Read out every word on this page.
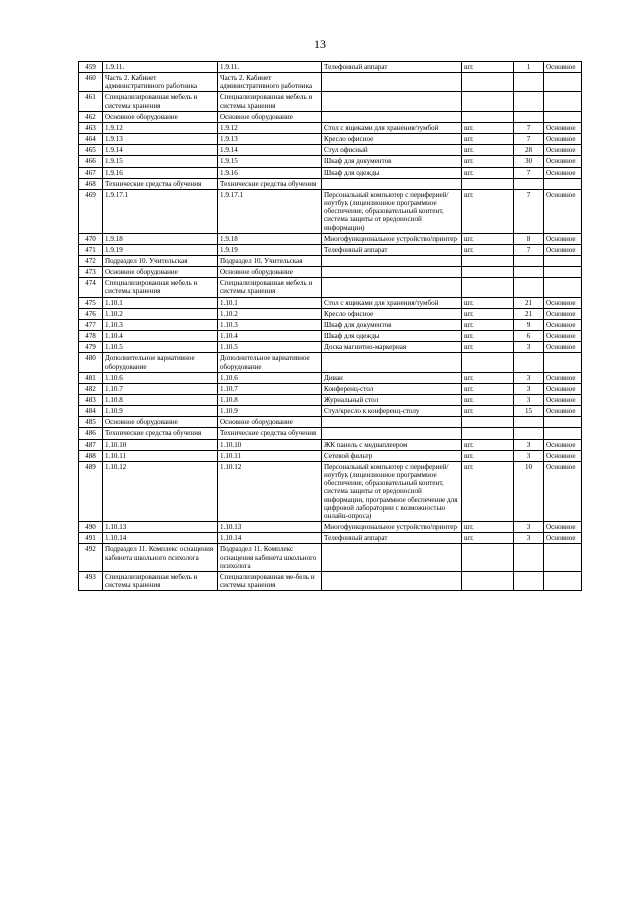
13
459	1.9.11.	1.9.11.	Телефонный аппарат	шт.	1	Основное
460	Часть 2. Кабинет административного работника	Часть 2. Кабинет административного работника				
461	Специализированная мебель и системы хранения	Специализированная мебель и системы хранения				
462	Основное оборудование	Основное оборудование				
463	1.9.12	1.9.12	Стол с ящиками для хранения/тумбой	шт.	7	Основное
464	1.9.13	1.9.13	Кресло офисное	шт.	7	Основное
465	1.9.14	1.9.14	Стул офисный	шт.	28	Основное
466	1.9.15	1.9.15	Шкаф для документов	шт.	30	Основное
467	1.9.16	1.9.16	Шкаф для одежды	шт.	7	Основное
468	Технические средства обучения	Технические средства обучения				
469	1.9.17.1	1.9.17.1	Персональный компьютер с периферией/ноутбук (лицензионное программное обеспечение, образовательный контент, система защиты от вредоносной информации)	шт.	7	Основное
470	1.9.18	1.9.18	Многофункциональное устройство/принтер	шт.	8	Основное
471	1.9.19	1.9.19	Телефонный аппарат	шт.	7	Основное
472	Подраздел 10. Учительская	Подраздел 10. Учительская				
473	Основное оборудование	Основное оборудование				
474	Специализированная мебель и системы хранения	Специализированная мебель и системы хранения				
475	1.10.1	1.10.1	Стол с ящиками для хранения/тумбой	шт.	21	Основное
476	1.10.2	1.10.2	Кресло офисное	шт.	21	Основное
477	1.10.3	1.10.3	Шкаф для документов	шт.	9	Основное
478	1.10.4	1.10.4	Шкаф для одежды	шт.	6	Основное
479	1.10.5	1.10.5	Доска магнитно-маркерная	шт.	3	Основное
480	Дополнительное вариативное оборудование	Дополнительное вариативное оборудование				
481	1.10.6	1.10.6	Диван	шт.	3	Основное
482	1.10.7	1.10.7	Конференц-стол	шт.	3	Основное
483	1.10.8	1.10.8	Журнальный стол	шт.	3	Основное
484	1.10.9	1.10.9	Стул/кресло к конференц-столу	шт.	15	Основное
485	Основное оборудование	Основное оборудование				
486	Технические средства обучения	Технические средства обучения				
487	1.10.10	1.10.10	ЖК панель с медиаплеером	шт.	3	Основное
488	1.10.11	1.10.11	Сетевой фильтр	шт.	3	Основное
489	1.10.12	1.10.12	Персональный компьютер с периферией/ноутбук (лицензионное программное обеспечение, образовательный контент, система защиты от вредоносной информации, программное обеспечение для цифровой лаборатории с возможностью онлайн-опроса)	шт.	10	Основное
490	1.10.13	1.10.13	Многофункциональное устройство/принтер	шт.	3	Основное
491	1.10.14	1.10.14	Телефонный аппарат	шт.	3	Основное
492	Подраздел 11. Комплекс оснащения кабинета школьного психолога	Подраздел 11. Комплекс оснащения кабинета школьного психолога				
493	Специализированная мебель и системы хранения	Специализированная ме-бель и системы хранения				
